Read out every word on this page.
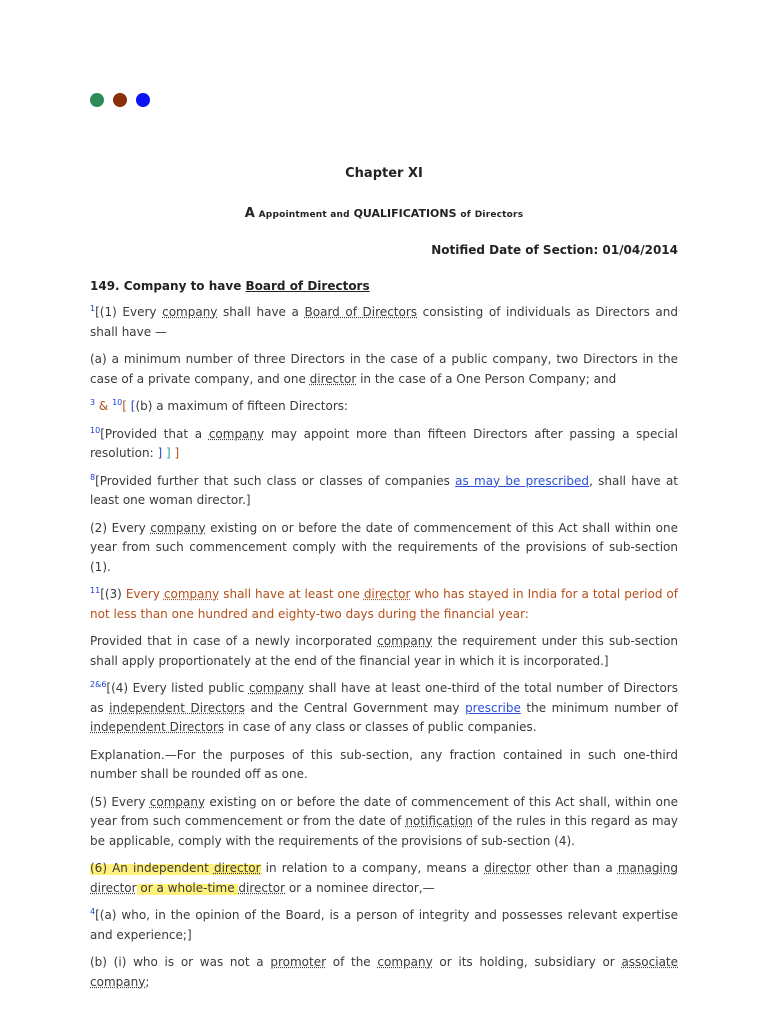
Chapter XI
A Appointment and QUALIFICATIONS of Directors
Notified Date of Section: 01/04/2014
149. Company to have Board of Directors

$^1$[(1) Every company shall have a Board of Directors consisting of individuals as Directors and shall have —

(a) a minimum number of three Directors in the case of a public company, two Directors in the case of a private company, and one director in the case of a One Person Company; and

$^3$ & $^{10}$[ [(b) a maximum of fifteen Directors:

$^{10}$[Provided that a company may appoint more than fifteen Directors after passing a special resolution: ] ] ]

$^8$[Provided further that such class or classes of companies as may be prescribed, shall have at least one woman director.]

(2) Every company existing on or before the date of commencement of this Act shall within one year from such commencement comply with the requirements of the provisions of sub-section (1).

$^{11}$[(3) Every company shall have at least one director who has stayed in India for a total period of not less than one hundred and eighty-two days during the financial year:

Provided that in case of a newly incorporated company the requirement under this sub-section shall apply proportionately at the end of the financial year in which it is incorporated.]

$^{2\&6}$[(4) Every listed public company shall have at least one-third of the total number of Directors as independent Directors and the Central Government may prescribe the minimum number of independent Directors in case of any class or classes of public companies.

Explanation.—For the purposes of this sub-section, any fraction contained in such one-third number shall be rounded off as one.

(5) Every company existing on or before the date of commencement of this Act shall, within one year from such commencement or from the date of notification of the rules in this regard as may be applicable, comply with the requirements of the provisions of sub-section (4).

(6) An independent director in relation to a company, means a director other than a managing director or a whole-time director or a nominee director,—

$^4$[(a) who, in the opinion of the Board, is a person of integrity and possesses relevant expertise and experience;]

(b) (i) who is or was not a promoter of the company or its holding, subsidiary or associate company;
